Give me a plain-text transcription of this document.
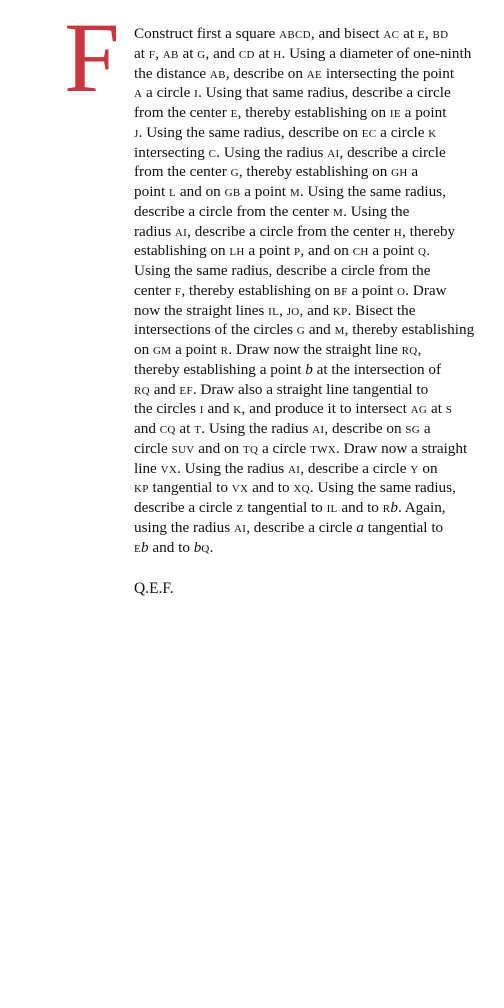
F Construct first a square ABCD, and bisect AC at E, BD
at F, AB at G, and CD at H. Using a diameter of one-ninth
the distance AB, describe on AE intersecting the point
A a circle I. Using that same radius, describe a circle
from the center E, thereby establishing on IE a point
J. Using the same radius, describe on EC a circle K
intersecting C. Using the radius AI, describe a circle
from the center G, thereby establishing on GH a
point L and on GB a point M. Using the same radius,
describe a circle from the center M. Using the
radius AI, describe a circle from the center H, thereby
establishing on LH a point P, and on CH a point Q.
Using the same radius, describe a circle from the
center F, thereby establishing on BF a point O. Draw
now the straight lines IL, JO, and KP. Bisect the
intersections of the circles G and M, thereby establishing
on GM a point R. Draw now the straight line RQ,
thereby establishing a point b at the intersection of
RQ and EF. Draw also a straight line tangential to
the circles I and K, and produce it to intersect AG at S
and CQ at T. Using the radius AI, describe on SG a
circle SUV and on TQ a circle TWX. Draw now a straight
line VX. Using the radius AI, describe a circle Y on
KP tangential to VX and to XQ. Using the same radius,
describe a circle Z tangential to IL and to Rb. Again,
using the radius AI, describe a circle a tangential to
Eb and to bQ.
Q.E.F.
